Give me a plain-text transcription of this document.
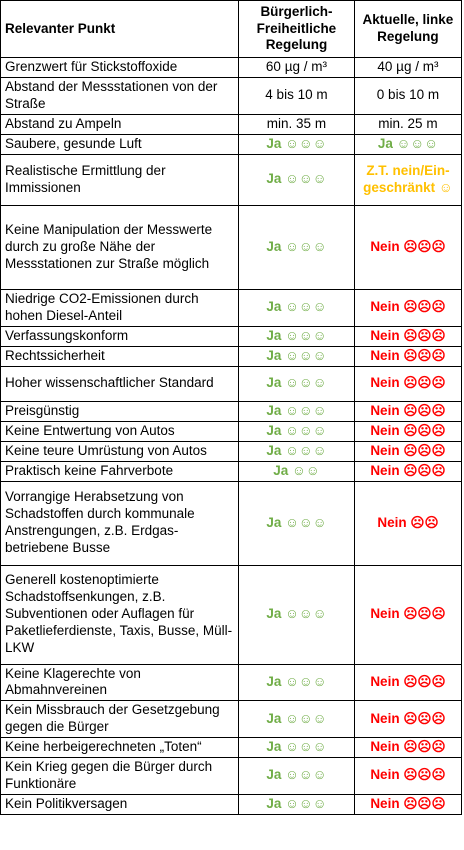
Relevanter Punkt	Bürgerlich-Freiheitliche Regelung	Aktuelle, linke Regelung
Grenzwert für Stickstoffoxide	60 µg / m³	40 µg / m³
Abstand der Messstationen von der Straße	4 bis 10 m	0 bis 10 m
Abstand zu Ampeln	min. 35 m	min. 25 m
Saubere, gesunde Luft	Ja ☺☺☺	Ja ☺☺☺
Realistische Ermittlung der Immissionen	Ja ☺☺☺	Z.T. nein/Ein-geschränkt ☺
Keine Manipulation der Messwerte durch zu große Nähe der Messstationen zur Straße möglich	Ja ☺☺☺	Nein ☹☹☹
Niedrige CO2-Emissionen durch hohen Diesel-Anteil	Ja ☺☺☺	Nein ☹☹☹
Verfassungskonform	Ja ☺☺☺	Nein ☹☹☹
Rechtssicherheit	Ja ☺☺☺	Nein ☹☹☹
Hoher wissenschaftlicher Standard	Ja ☺☺☺	Nein ☹☹☹
Preisgünstig	Ja ☺☺☺	Nein ☹☹☹
Keine Entwertung von Autos	Ja ☺☺☺	Nein ☹☹☹
Keine teure Umrüstung von Autos	Ja ☺☺☺	Nein ☹☹☹
Praktisch keine Fahrverbote	Ja ☺☺	Nein ☹☹☹
Vorrangige Herabsetzung von Schadstoffen durch kommunale Anstrengungen, z.B. Erdgas-betriebene Busse	Ja ☺☺☺	Nein ☹☹
Generell kostenoptimierte Schadstoffsenkungen, z.B. Subventionen oder Auflagen für Paketlieferdienste, Taxis, Busse, Müll-LKW	Ja ☺☺☺	Nein ☹☹☹
Keine Klagerechte von Abmahnvereinen	Ja ☺☺☺	Nein ☹☹☹
Kein Missbrauch der Gesetzgebung gegen die Bürger	Ja ☺☺☺	Nein ☹☹☹
Keine herbeigerechneten „Toten“	Ja ☺☺☺	Nein ☹☹☹
Kein Krieg gegen die Bürger durch Funktionäre	Ja ☺☺☺	Nein ☹☹☹
Kein Politikversagen	Ja ☺☺☺	Nein ☹☹☹
